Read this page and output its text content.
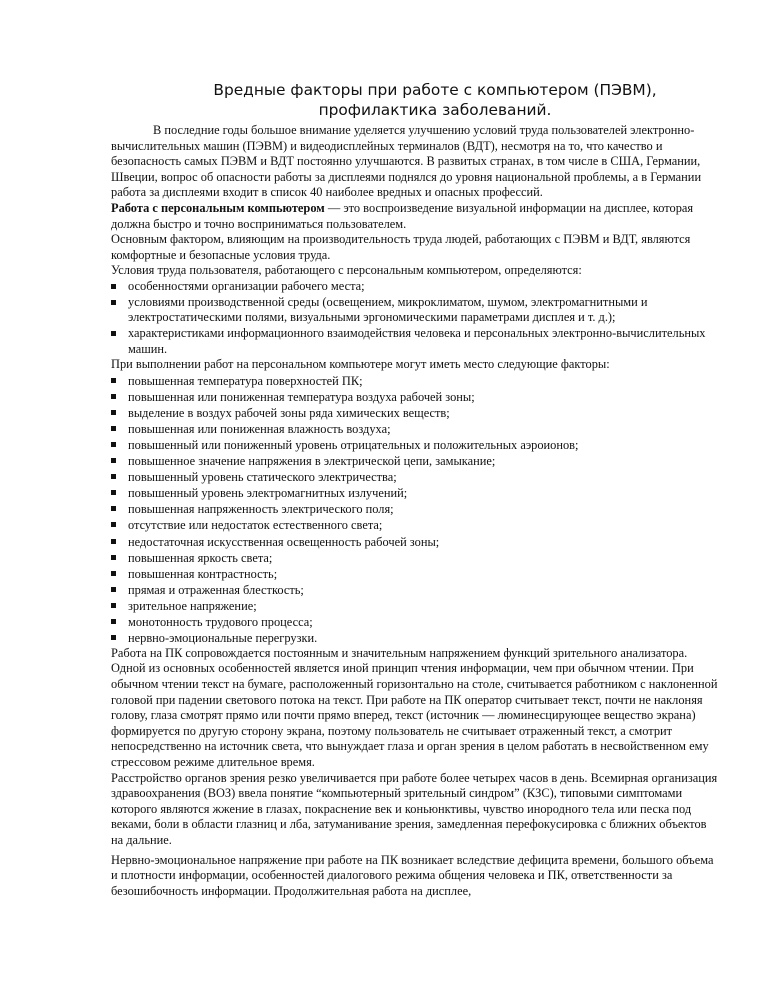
Вредные факторы при работе с компьютером (ПЭВМ),
профилактика заболеваний.

В последние годы большое внимание уделяется улучшению условий труда пользователей электронно-вычислительных машин (ПЭВМ) и видеодисплейных терминалов (ВДТ), несмотря на то, что качество и безопасность самых ПЭВМ и ВДТ постоянно улучшаются. В развитых странах, в том числе в США, Германии, Швеции, вопрос об опасности работы за дисплеями поднялся до уровня национальной проблемы, а в Германии работа за дисплеями входит в список 40 наиболее вредных и опасных профессий.

Работа с персональным компьютером — это воспроизведение визуальной информации на дисплее, которая должна быстро и точно восприниматься пользователем.

Основным фактором, влияющим на производительность труда людей, работающих с ПЭВМ и ВДТ, являются комфортные и безопасные условия труда.

Условия труда пользователя, работающего с персональным компьютером, определяются:

особенностями организации рабочего места;
условиями производственной среды (освещением, микроклиматом, шумом, электромагнитными и электростатическими полями, визуальными эргономическими параметрами дисплея и т. д.);
характеристиками информационного взаимодействия человека и персональных электронно-вычислительных машин.

При выполнении работ на персональном компьютере могут иметь место следующие факторы:

повышенная температура поверхностей ПК;
повышенная или пониженная температура воздуха рабочей зоны;
выделение в воздух рабочей зоны ряда химических веществ;
повышенная или пониженная влажность воздуха;
повышенный или пониженный уровень отрицательных и положительных аэроионов;
повышенное значение напряжения в электрической цепи, замыкание;
повышенный уровень статического электричества;
повышенный уровень электромагнитных излучений;
повышенная напряженность электрического поля;
отсутствие или недостаток естественного света;
недостаточная искусственная освещенность рабочей зоны;
повышенная яркость света;
повышенная контрастность;
прямая и отраженная блесткость;
зрительное напряжение;
монотонность трудового процесса;
нервно-эмоциональные перегрузки.

Работа на ПК сопровождается постоянным и значительным напряжением функций зрительного анализатора. Одной из основных особенностей является иной принцип чтения информации, чем при обычном чтении. При обычном чтении текст на бумаге, расположенный горизонтально на столе, считывается работником с наклоненной головой при падении светового потока на текст. При работе на ПК оператор считывает текст, почти не наклоняя голову, глаза смотрят прямо или почти прямо вперед, текст (источник — люминесцирующее вещество экрана) формируется по другую сторону экрана, поэтому пользователь не считывает отраженный текст, а смотрит непосредственно на источник света, что вынуждает глаза и орган зрения в целом работать в несвойственном ему стрессовом режиме длительное время.

Расстройство органов зрения резко увеличивается при работе более четырех часов в день. Всемирная организация здравоохранения (ВОЗ) ввела понятие “компьютерный зрительный синдром” (КЗС), типовыми симптомами которого являются жжение в глазах, покраснение век и коньюнктивы, чувство инородного тела или песка под веками, боли в области глазниц и лба, затуманивание зрения, замедленная перефокусировка с ближних объектов на дальние.

Нервно-эмоциональное напряжение при работе на ПК возникает вследствие дефицита времени, большого объема и плотности информации, особенностей диалогового режима общения человека и ПК, ответственности за безошибочность информации. Продолжительная работа на дисплее,
